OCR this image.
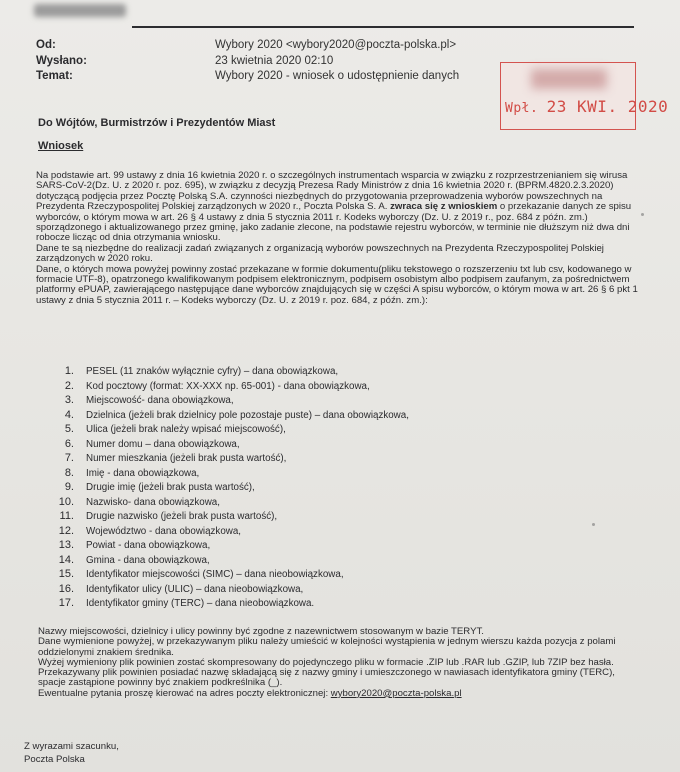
Od:	Wybory 2020 <wybory2020@poczta-polska.pl>
Wysłano:	23 kwietnia 2020 02:10
Temat:	Wybory 2020 - wniosek o udostępnienie danych
Wpł. 23 KWI. 2020
Do Wójtów, Burmistrzów i Prezydentów Miast
Wniosek

Na podstawie art. 99 ustawy z dnia 16 kwietnia 2020 r. o szczególnych instrumentach wsparcia w związku z rozprzestrzenianiem się wirusa SARS-CoV-2(Dz. U. z 2020 r. poz. 695), w związku z decyzją Prezesa Rady Ministrów z dnia 16 kwietnia 2020 r. (BPRM.4820.2.3.2020) dotyczącą podjęcia przez Pocztę Polską S.A. czynności niezbędnych do przygotowania przeprowadzenia wyborów powszechnych na Prezydenta Rzeczypospolitej Polskiej zarządzonych w 2020 r., Poczta Polska S. A. zwraca się z wnioskiem o przekazanie danych ze spisu wyborców, o którym mowa w art. 26 § 4 ustawy z dnia 5 stycznia 2011 r. Kodeks wyborczy (Dz. U. z 2019 r., poz. 684 z późn. zm.) sporządzonego i aktualizowanego przez gminę, jako zadanie zlecone, na podstawie rejestru wyborców, w terminie nie dłuższym niż dwa dni robocze licząc od dnia otrzymania wniosku.

Dane te są niezbędne do realizacji zadań związanych z organizacją wyborów powszechnych na Prezydenta Rzeczypospolitej Polskiej zarządzonych w 2020 roku.

Dane, o których mowa powyżej powinny zostać przekazane w formie dokumentu(pliku tekstowego o rozszerzeniu txt lub csv, kodowanego w formacie UTF-8), opatrzonego kwalifikowanym podpisem elektronicznym, podpisem osobistym albo podpisem zaufanym, za pośrednictwem platformy ePUAP, zawierającego następujące dane wyborców znajdujących się w części A spisu wyborców, o którym mowa w art. 26 § 6 pkt 1 ustawy z dnia 5 stycznia 2011 r. – Kodeks wyborczy (Dz. U. z 2019 r. poz. 684, z późn. zm.):

1. PESEL (11 znaków wyłącznie cyfry) – dana obowiązkowa,
2. Kod pocztowy (format: XX-XXX np. 65-001) - dana obowiązkowa,
3. Miejscowość- dana obowiązkowa,
4. Dzielnica (jeżeli brak dzielnicy pole pozostaje puste) – dana obowiązkowa,
5. Ulica (jeżeli brak należy wpisać miejscowość),
6. Numer domu – dana obowiązkowa,
7. Numer mieszkania (jeżeli brak pusta wartość),
8. Imię - dana obowiązkowa,
9. Drugie imię (jeżeli brak pusta wartość),
10. Nazwisko- dana obowiązkowa,
11. Drugie nazwisko (jeżeli brak pusta wartość),
12. Województwo - dana obowiązkowa,
13. Powiat - dana obowiązkowa,
14. Gmina - dana obowiązkowa,
15. Identyfikator miejscowości (SIMC) – dana nieobowiązkowa,
16. Identyfikator ulicy (ULIC) – dana nieobowiązkowa,
17. Identyfikator gminy (TERC) – dana nieobowiązkowa.

Nazwy miejscowości, dzielnicy i ulicy powinny być zgodne z nazewnictwem stosowanym w bazie TERYT.

Dane wymienione powyżej, w przekazywanym pliku należy umieścić w kolejności wystąpienia w jednym wierszu każda pozycja z polami oddzielonymi znakiem średnika.

Wyżej wymieniony plik powinien zostać skompresowany do pojedynczego pliku w formacie .ZIP lub .RAR lub .GZIP, lub 7ZIP bez hasła.

Przekazywany plik powinien posiadać nazwę składającą się z nazwy gminy i umieszczonego w nawiasach identyfikatora gminy (TERC), spacje zastąpione powinny być znakiem podkreślnika (_).

Ewentualne pytania proszę kierować na adres poczty elektronicznej: wybory2020@poczta-polska.pl

Z wyrazami szacunku,
Poczta Polska
